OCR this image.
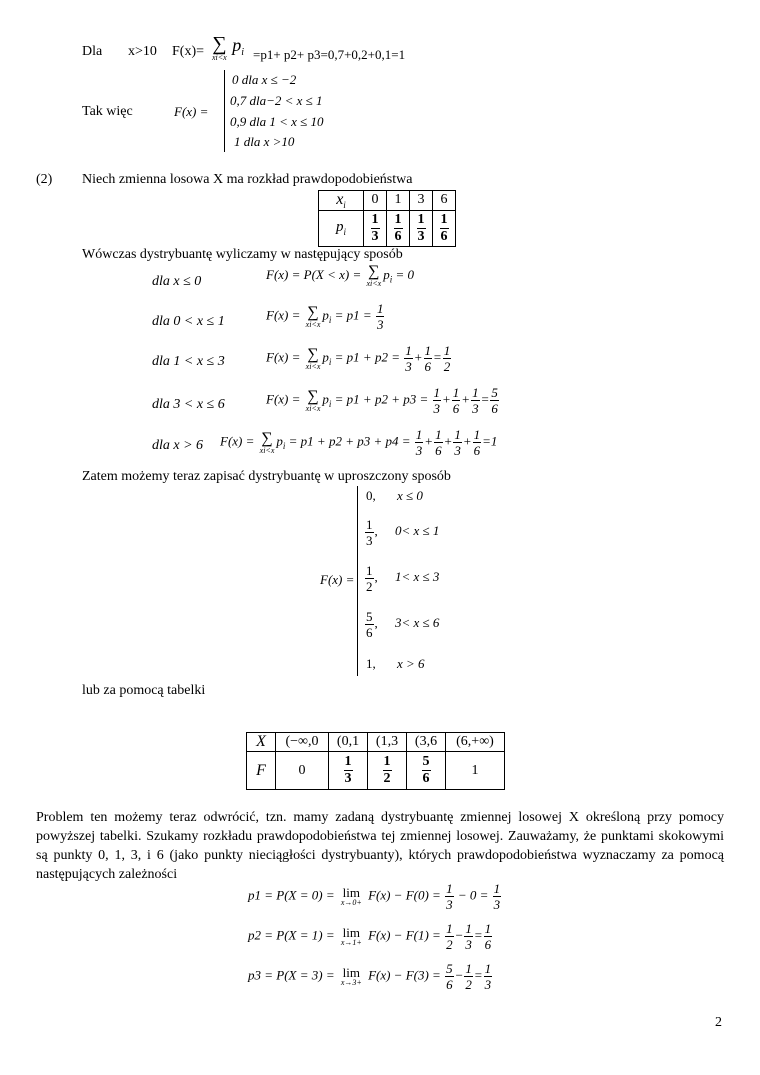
Dla x>10 F(x)= ∑
xi<x
$p_i =p1+ p2+ p3=0,7+0,2+0,1=1$
Tak więc	F(x) =
0 dla x ≤ −2
0,7 dla−2 < x ≤ 1
0,9 dla 1 < x ≤ 10
1 dla x >10
(2) Niech zmienna losowa X ma rozkład prawdopodobieństwa
$x_i$	0	1	3	6
$p_i$	$\frac{1}{3}$	$\frac{1}{6}$	$\frac{1}{3}$	$\frac{1}{6}$
Wówczas dystrybuantę wyliczamy w następujący sposób
dla x ≤ 0	F(x) = P(X < x) = ∑
xi<x
$p_i = 0$
dla 0 < x ≤ 1	F(x) = ∑
xi<x
$p_i = p1 = \frac{1}{3}$
dla 1 < x ≤ 3	F(x) = ∑
xi<x
$p_i = p1 + p2 = \frac{1}{3} + \frac{1}{6} = \frac{1}{2}$
dla 3 < x ≤ 6	F(x) = ∑
xi<x
$p_i = p1 + p2 + p3 = \frac{1}{3} + \frac{1}{6} + \frac{1}{3} = \frac{5}{6}$
dla x > 6 F(x) = ∑
xi<x
$p_i = p1 + p2 + p3 + p4 = \frac{1}{3} + \frac{1}{6} + \frac{1}{3} + \frac{1}{6} =1$
Zatem możemy teraz zapisać dystrybuantę w uproszczony sposób
F(x) =
0, x ≤ 0
$\frac{1}{3}$ , 0< x ≤ 1
$\frac{1}{2}$ , 1< x ≤ 3
$\frac{5}{6}$ , 3< x ≤ 6
1, x > 6
lub za pomocą tabelki
X	(−∞,0	(0,1	(1,3	(3,6	(6,+∞)
F	0	$\frac{1}{3}$	$\frac{1}{2}$	$\frac{5}{6}$	1
Problem ten możemy teraz odwrócić, tzn. mamy zadaną dystrybuantę zmiennej losowej X określoną przy pomocy powyższej tabelki. Szukamy rozkładu prawdopodobieństwa tej zmiennej losowej. Zauważamy, że punktami skokowymi są punkty 0, 1, 3, i 6 (jako punkty nieciągłości dystrybuanty), których prawdopodobieństwa wyznaczamy za pomocą następujących zależności
p1 = P(X = 0) = lim
x→0+
$F(x) - F(0) = \frac{1}{3} - 0 = \frac{1}{3}$
p2 = P(X = 1) = lim
x→1+
$F(x) - F(1) = \frac{1}{2} - \frac{1}{3} = \frac{1}{6}$
p3 = P(X = 3) = lim
x→3+
$F(x) - F(3) = \frac{5}{6} - \frac{1}{2} = \frac{1}{3}$
2
